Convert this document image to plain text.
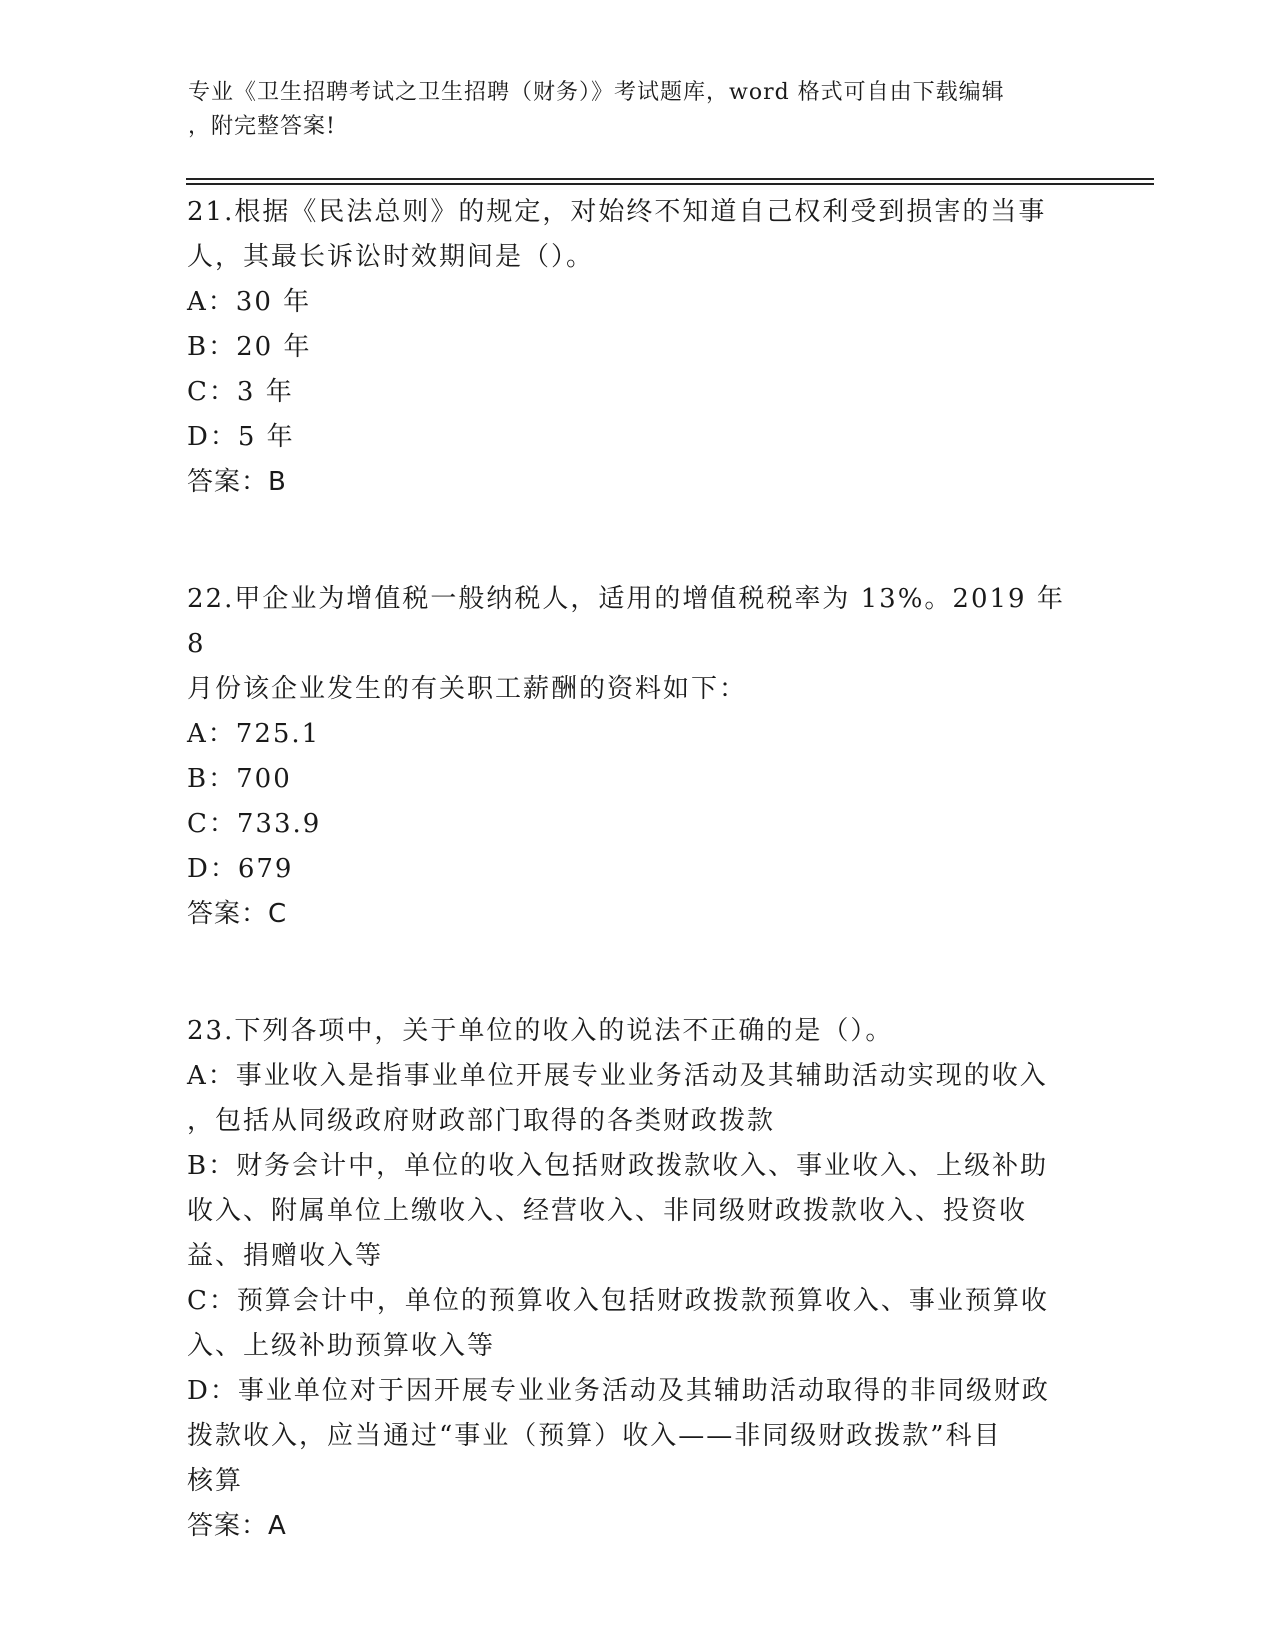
专业《卫生招聘考试之卫生招聘（财务）》考试题库，word 格式可自由下载编辑
，附完整答案!
21.根据《民法总则》的规定，对始终不知道自己权利受到损害的当事
人，其最长诉讼时效期间是（）。
A：30 年
B：20 年
C：3 年
D：5 年
答案：B
22.甲企业为增值税一般纳税人，适用的增值税税率为 13%。2019 年 8
月份该企业发生的有关职工薪酬的资料如下：
A：725.1
B：700
C：733.9
D：679
答案：C
23.下列各项中，关于单位的收入的说法不正确的是（）。
A：事业收入是指事业单位开展专业业务活动及其辅助活动实现的收入
，包括从同级政府财政部门取得的各类财政拨款
B：财务会计中，单位的收入包括财政拨款收入、事业收入、上级补助
收入、附属单位上缴收入、经营收入、非同级财政拨款收入、投资收
益、捐赠收入等
C：预算会计中，单位的预算收入包括财政拨款预算收入、事业预算收
入、上级补助预算收入等
D：事业单位对于因开展专业业务活动及其辅助活动取得的非同级财政
拨款收入，应当通过“事业（预算）收入——非同级财政拨款”科目
核算
答案：A
